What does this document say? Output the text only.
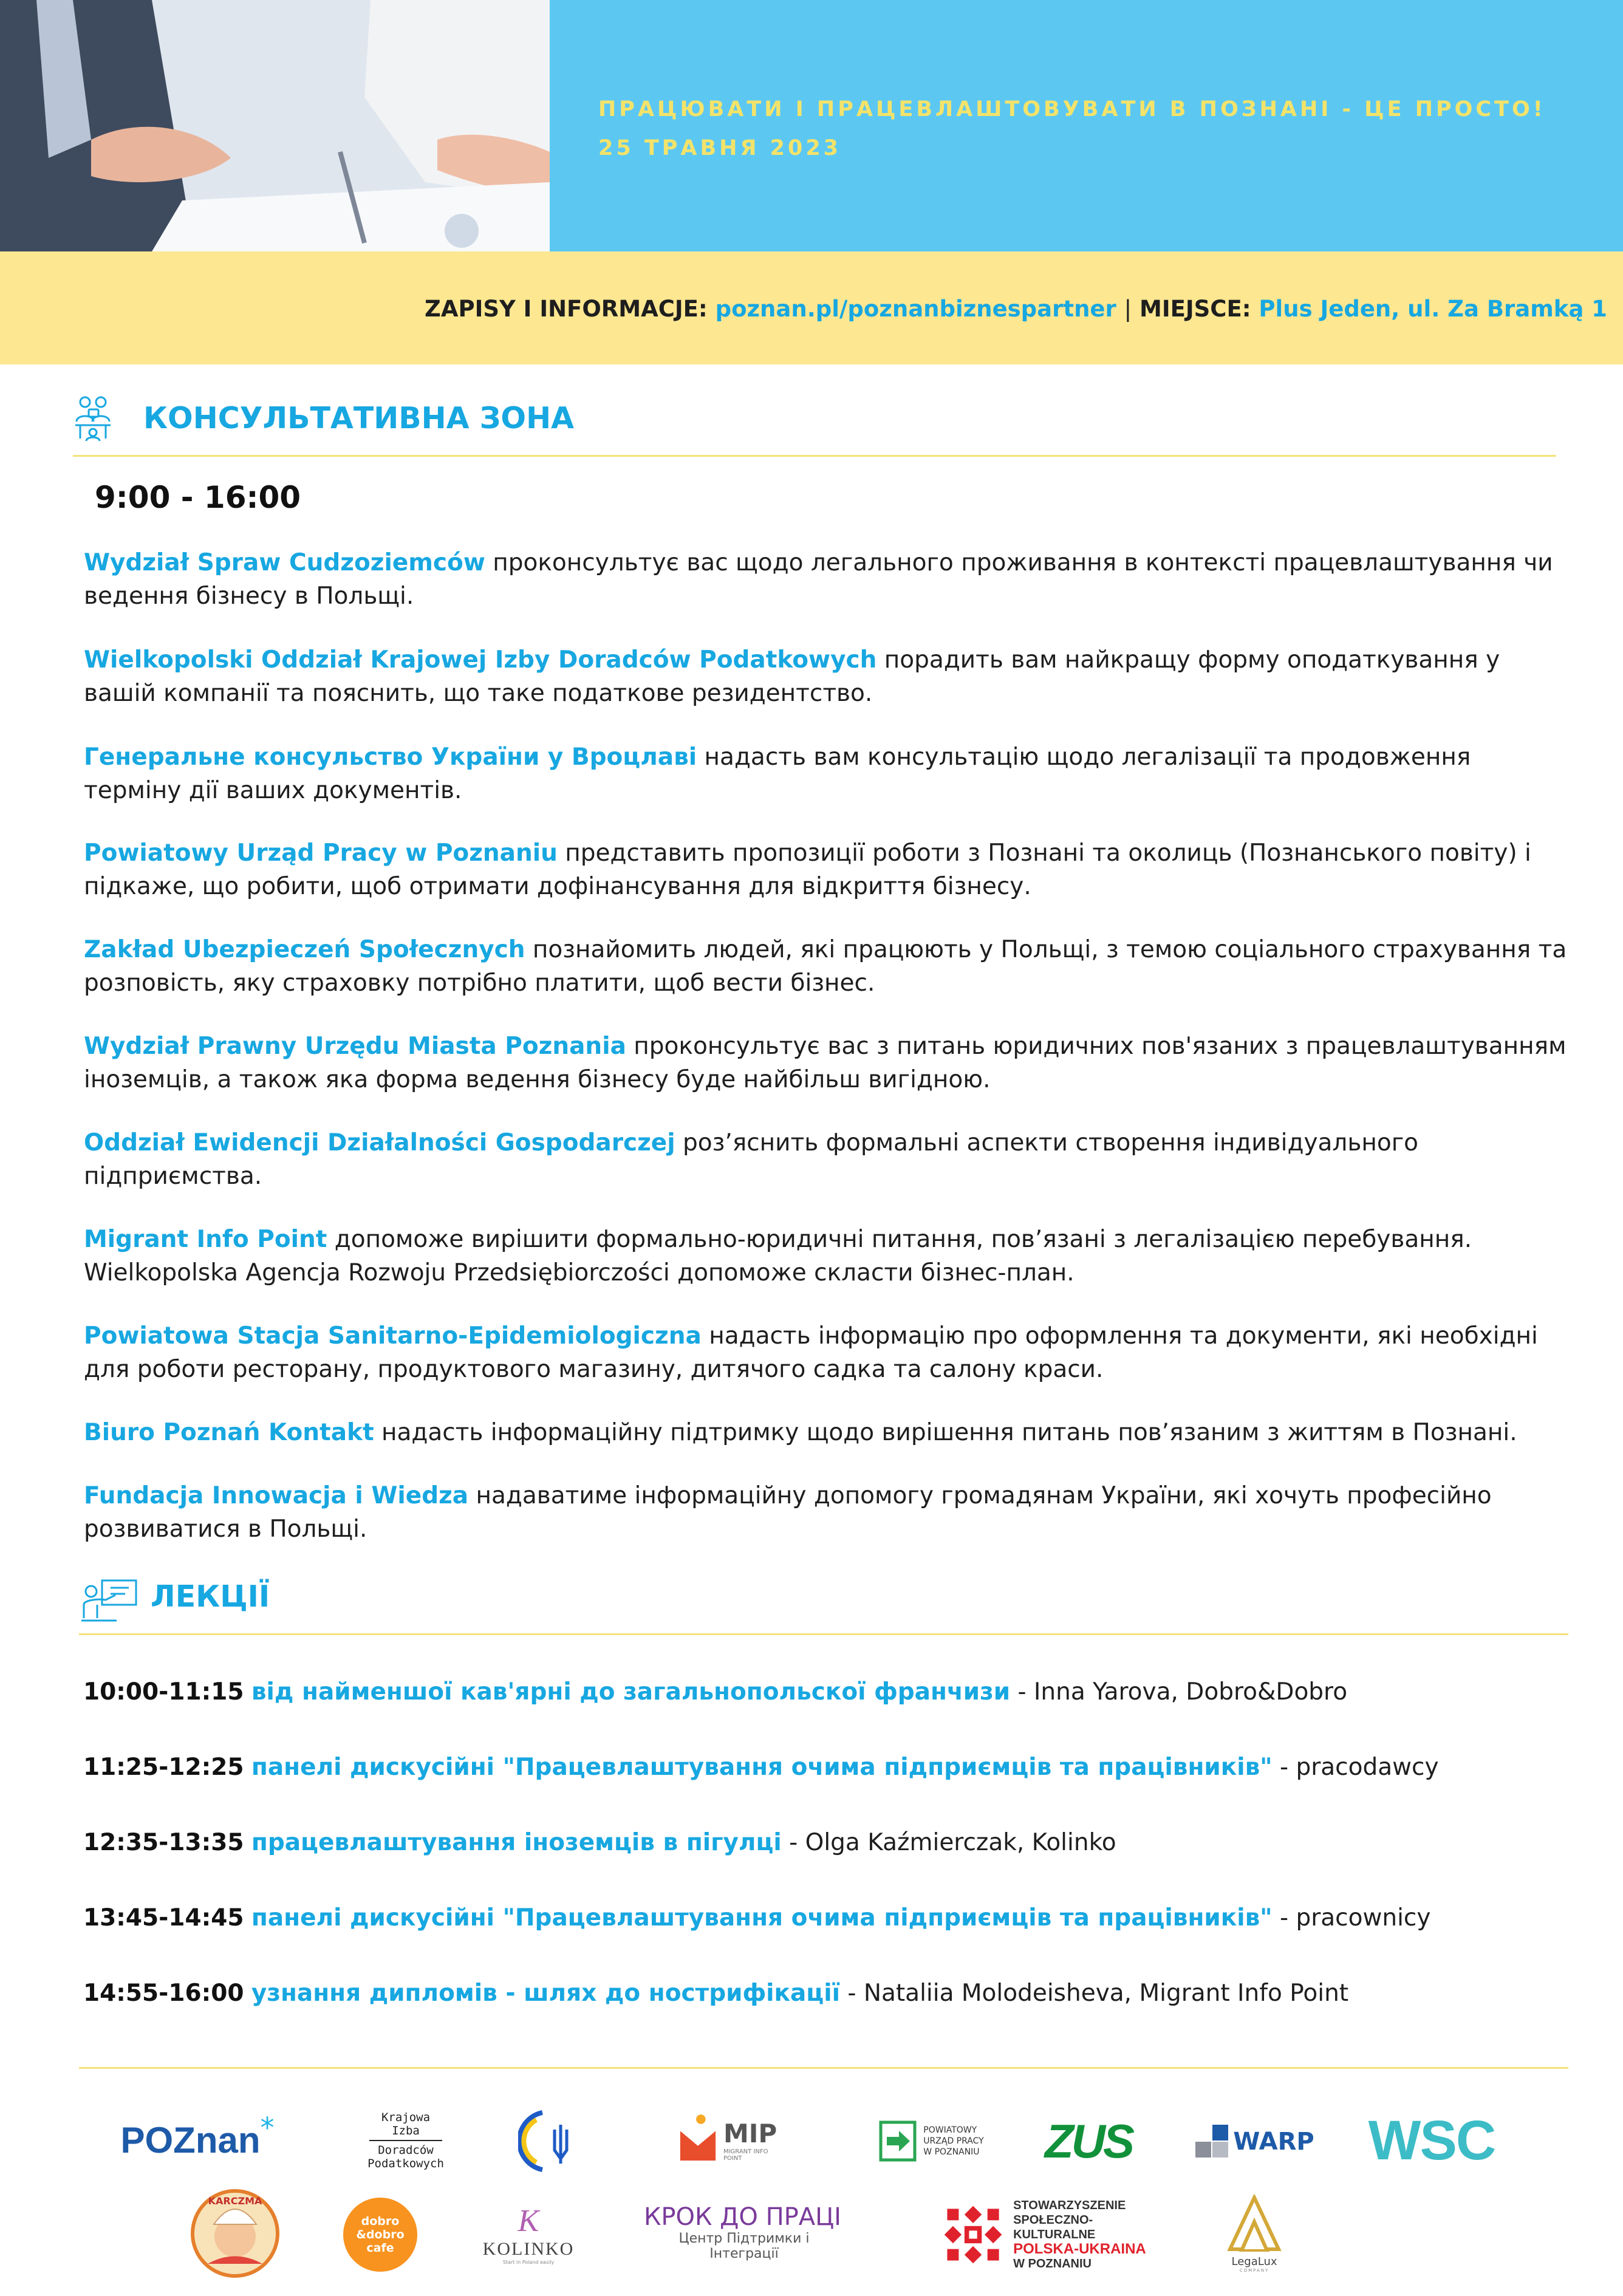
ПРАЦЮВАТИ І ПРАЦЕВЛАШТОВУВАТИ В ПОЗНАНІ - ЦЕ ПРОСТО!
25 ТРАВНЯ 2023
ZAPISY I INFORMACJE: poznan.pl/poznanbiznespartner | MIEJSCE: Plus Jeden, ul. Za Bramką 1
КОНСУЛЬТАТИВНА ЗОНА
9:00 - 16:00
Wydział Spraw Cudzoziemców проконсультує вас щодо легального проживання в контексті працевлаштування чи ведення бізнесу в Польщі.
Wielkopolski Oddział Krajowej Izby Doradców Podatkowych порадить вам найкращу форму оподаткування у вашій компанії та пояснить, що таке податкове резидентство.
Генеральне консульство України у Вроцлаві надасть вам консультацію щодо легалізації та продовження терміну дії ваших документів.
Powiatowy Urząd Pracy w Poznaniu представить пропозиції роботи з Познані та околиць (Познанського повіту) і підкаже, що робити, щоб отримати дофінансування для відкриття бізнесу.
Zakład Ubezpieczeń Społecznych познайомить людей, які працюють у Польщі, з темою соціального страхування та розповість, яку страховку потрібно платити, щоб вести бізнес.
Wydział Prawny Urzędu Miasta Poznania проконсультує вас з питань юридичних пов'язаних з працевлаштуванням іноземців, а також яка форма ведення бізнесу буде найбільш вигідною.
Oddział Ewidencji Działalności Gospodarczej роз’яснить формальні аспекти створення індивідуального підприємства.
Migrant Info Point допоможе вирішити формально-юридичні питання, пов’язані з легалізацією перебування. Wielkopolska Agencja Rozwoju Przedsiębiorczości допоможе скласти бізнес-план.
Powiatowa Stacja Sanitarno-Epidemiologiczna надасть інформацію про оформлення та документи, які необхідні для роботи ресторану, продуктового магазину, дитячого садка та салону краси.
Biuro Poznań Kontakt надасть інформаційну підтримку щодо вирішення питань пов’язаним з життям в Познані.
Fundacja Innowacja i Wiedza надаватиме інформаційну допомогу громадянам України, які хочуть професійно розвиватися в Польщі.
ЛЕКЦІЇ
10:00-11:15 від найменшої кав'ярні до загальнопольскої франчизи - Inna Yarova, Dobro&Dobro
11:25-12:25 панелі дискусійні "Працевлаштування очима підприємців та працівників" - pracodawcy
12:35-13:35 працевлаштування іноземців в пігулці - Olga Kaźmierczak, Kolinko
13:45-14:45 панелі дискусійні "Працевлаштування очима підприємців та працівників" - pracownicy
14:55-16:00 узнання дипломів - шлях до нострифікації - Nataliia Molodeisheva, Migrant Info Point
POZnan *	Krajowa
Izba
Doradców
Podatkowych
MIP
MIGRANT INFO POINT
POWIATOWY
URZĄD PRACY
W POZNANIU ZUS	WARP WSC
KARCZMA
dobro
&dobro
cafe
K
KOLINKO
Start in Poland easily
КРОК ДО ПРАЦІ
Центр Підтримки і Інтеграції
STOWARZYSZENIE
SPOŁECZNO-KULTURALNE
POLSKA-UKRAINA
W POZNANIU	LegaLux
COMPANY
